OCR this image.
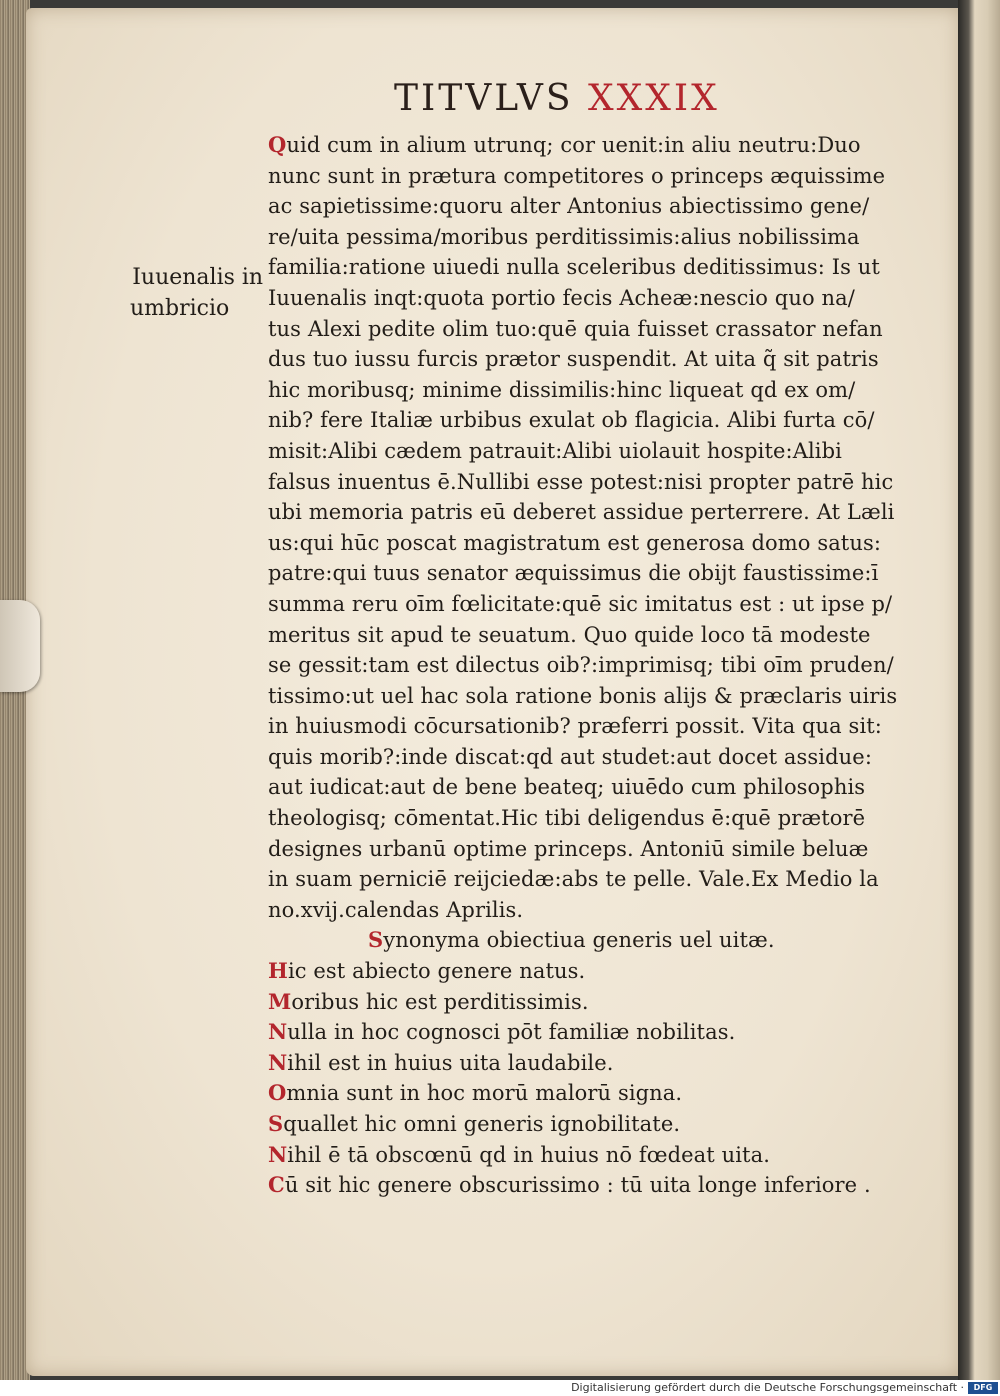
TITVLVS XXXIX
 Iuuenalis in
umbricio
Quid cum in alium utrunq; cor uenit:in aliu neutru:Duo
nunc sunt in prætura competitores o princeps æquissime
ac sapietissime:quoru alter Antonius abiectissimo gene/
re/uita pessima/moribus perditissimis:alius nobilissima
familia:ratione uiuedi nulla sceleribus deditissimus: Is ut
Iuuenalis inqt:quota portio fecis Acheæ:nescio quo na/
tus Alexi pedite olim tuo:quē quia fuisset crassator nefan
dus tuo iussu furcis prætor suspendit. At uita q̃ sit patris
hic moribusq; minime dissimilis:hinc liqueat qd ex om/
nib? fere Italiæ urbibus exulat ob flagicia. Alibi furta cō/
misit:Alibi cædem patrauit:Alibi uiolauit hospite:Alibi
falsus inuentus ē.Nullibi esse potest:nisi propter patrē hic
ubi memoria patris eū deberet assidue perterrere. At Læli
us:qui hūc poscat magistratum est generosa domo satus:
patre:qui tuus senator æquissimus die obijt faustissime:ī
summa reru oīm fœlicitate:quē sic imitatus est : ut ipse p/
meritus sit apud te seuatum. Quo quide loco tā modeste
se gessit:tam est dilectus oib?:imprimisq; tibi oīm pruden/
tissimo:ut uel hac sola ratione bonis alijs & præclaris uiris
in huiusmodi cōcursationib? præferri possit. Vita qua sit:
quis morib?:inde discat:qd aut studet:aut docet assidue:
aut iudicat:aut de bene beateq; uiuēdo cum philosophis
theologisq; cōmentat.Hic tibi deligendus ē:quē prætorē
designes urbanū optime princeps. Antoniū simile beluæ
in suam perniciē reijciedæ:abs te pelle. Vale.Ex Medio la
no.xvij.calendas Aprilis.
Synonyma obiectiua generis uel uitæ.
Hic est abiecto genere natus.
Moribus hic est perditissimis.
Nulla in hoc cognosci pōt familiæ nobilitas.
Nihil est in huius uita laudabile.
Omnia sunt in hoc morū malorū signa.
Squallet hic omni generis ignobilitate.
Nihil ē tā obscœnū qd in huius nō fœdeat uita.
Cū sit hic genere obscurissimo : tū uita longe inferiore .
Digitalisierung gefördert durch die Deutsche Forschungsgemeinschaft ·	DFG
